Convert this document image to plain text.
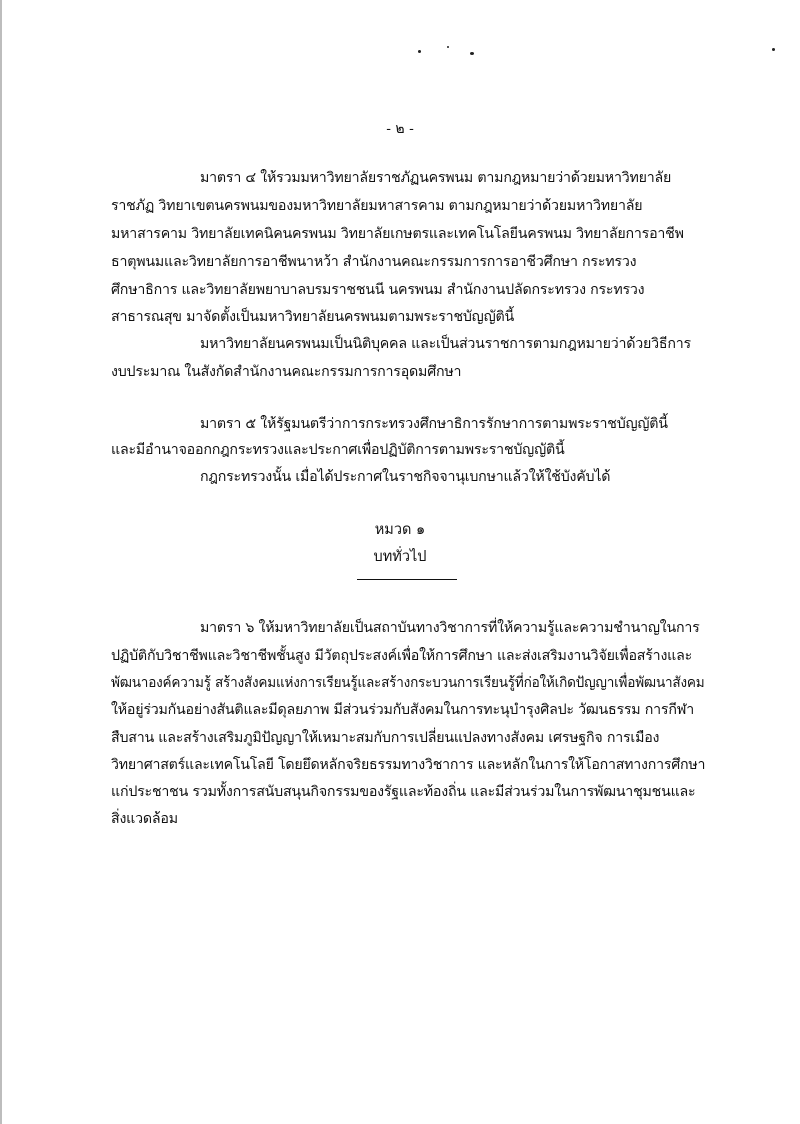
- ๒ -
มาตรา ๔ ให้รวมมหาวิทยาลัยราชภัฏนครพนม ตามกฎหมายว่าด้วยมหาวิทยาลัย
ราชภัฏ วิทยาเขตนครพนมของมหาวิทยาลัยมหาสารคาม ตามกฎหมายว่าด้วยมหาวิทยาลัย
มหาสารคาม วิทยาลัยเทคนิคนครพนม วิทยาลัยเกษตรและเทคโนโลยีนครพนม วิทยาลัยการอาชีพ
ธาตุพนมและวิทยาลัยการอาชีพนาหว้า สำนักงานคณะกรรมการการอาชีวศึกษา กระทรวง
ศึกษาธิการ และวิทยาลัยพยาบาลบรมราชชนนี นครพนม สำนักงานปลัดกระทรวง กระทรวง
สาธารณสุข มาจัดตั้งเป็นมหาวิทยาลัยนครพนมตามพระราชบัญญัตินี้
มหาวิทยาลัยนครพนมเป็นนิติบุคคล และเป็นส่วนราชการตามกฎหมายว่าด้วยวิธีการ
งบประมาณ ในสังกัดสำนักงานคณะกรรมการการอุดมศึกษา
มาตรา ๕ ให้รัฐมนตรีว่าการกระทรวงศึกษาธิการรักษาการตามพระราชบัญญัตินี้
และมีอำนาจออกกฎกระทรวงและประกาศเพื่อปฏิบัติการตามพระราชบัญญัตินี้
กฎกระทรวงนั้น เมื่อได้ประกาศในราชกิจจานุเบกษาแล้วให้ใช้บังคับได้
หมวด ๑
บททั่วไป
มาตรา ๖ ให้มหาวิทยาลัยเป็นสถาบันทางวิชาการที่ให้ความรู้และความชำนาญในการ
ปฏิบัติกับวิชาชีพและวิชาชีพชั้นสูง มีวัตถุประสงค์เพื่อให้การศึกษา และส่งเสริมงานวิจัยเพื่อสร้างและ
พัฒนาองค์ความรู้ สร้างสังคมแห่งการเรียนรู้และสร้างกระบวนการเรียนรู้ที่ก่อให้เกิดปัญญาเพื่อพัฒนาสังคม
ให้อยู่ร่วมกันอย่างสันติและมีดุลยภาพ มีส่วนร่วมกับสังคมในการทะนุบำรุงศิลปะ วัฒนธรรม การกีฬา
สืบสาน และสร้างเสริมภูมิปัญญาให้เหมาะสมกับการเปลี่ยนแปลงทางสังคม เศรษฐกิจ การเมือง
วิทยาศาสตร์และเทคโนโลยี โดยยึดหลักจริยธรรมทางวิชาการ และหลักในการให้โอกาสทางการศึกษา
แก่ประชาชน รวมทั้งการสนับสนุนกิจกรรมของรัฐและท้องถิ่น และมีส่วนร่วมในการพัฒนาชุมชนและ
สิ่งแวดล้อม
